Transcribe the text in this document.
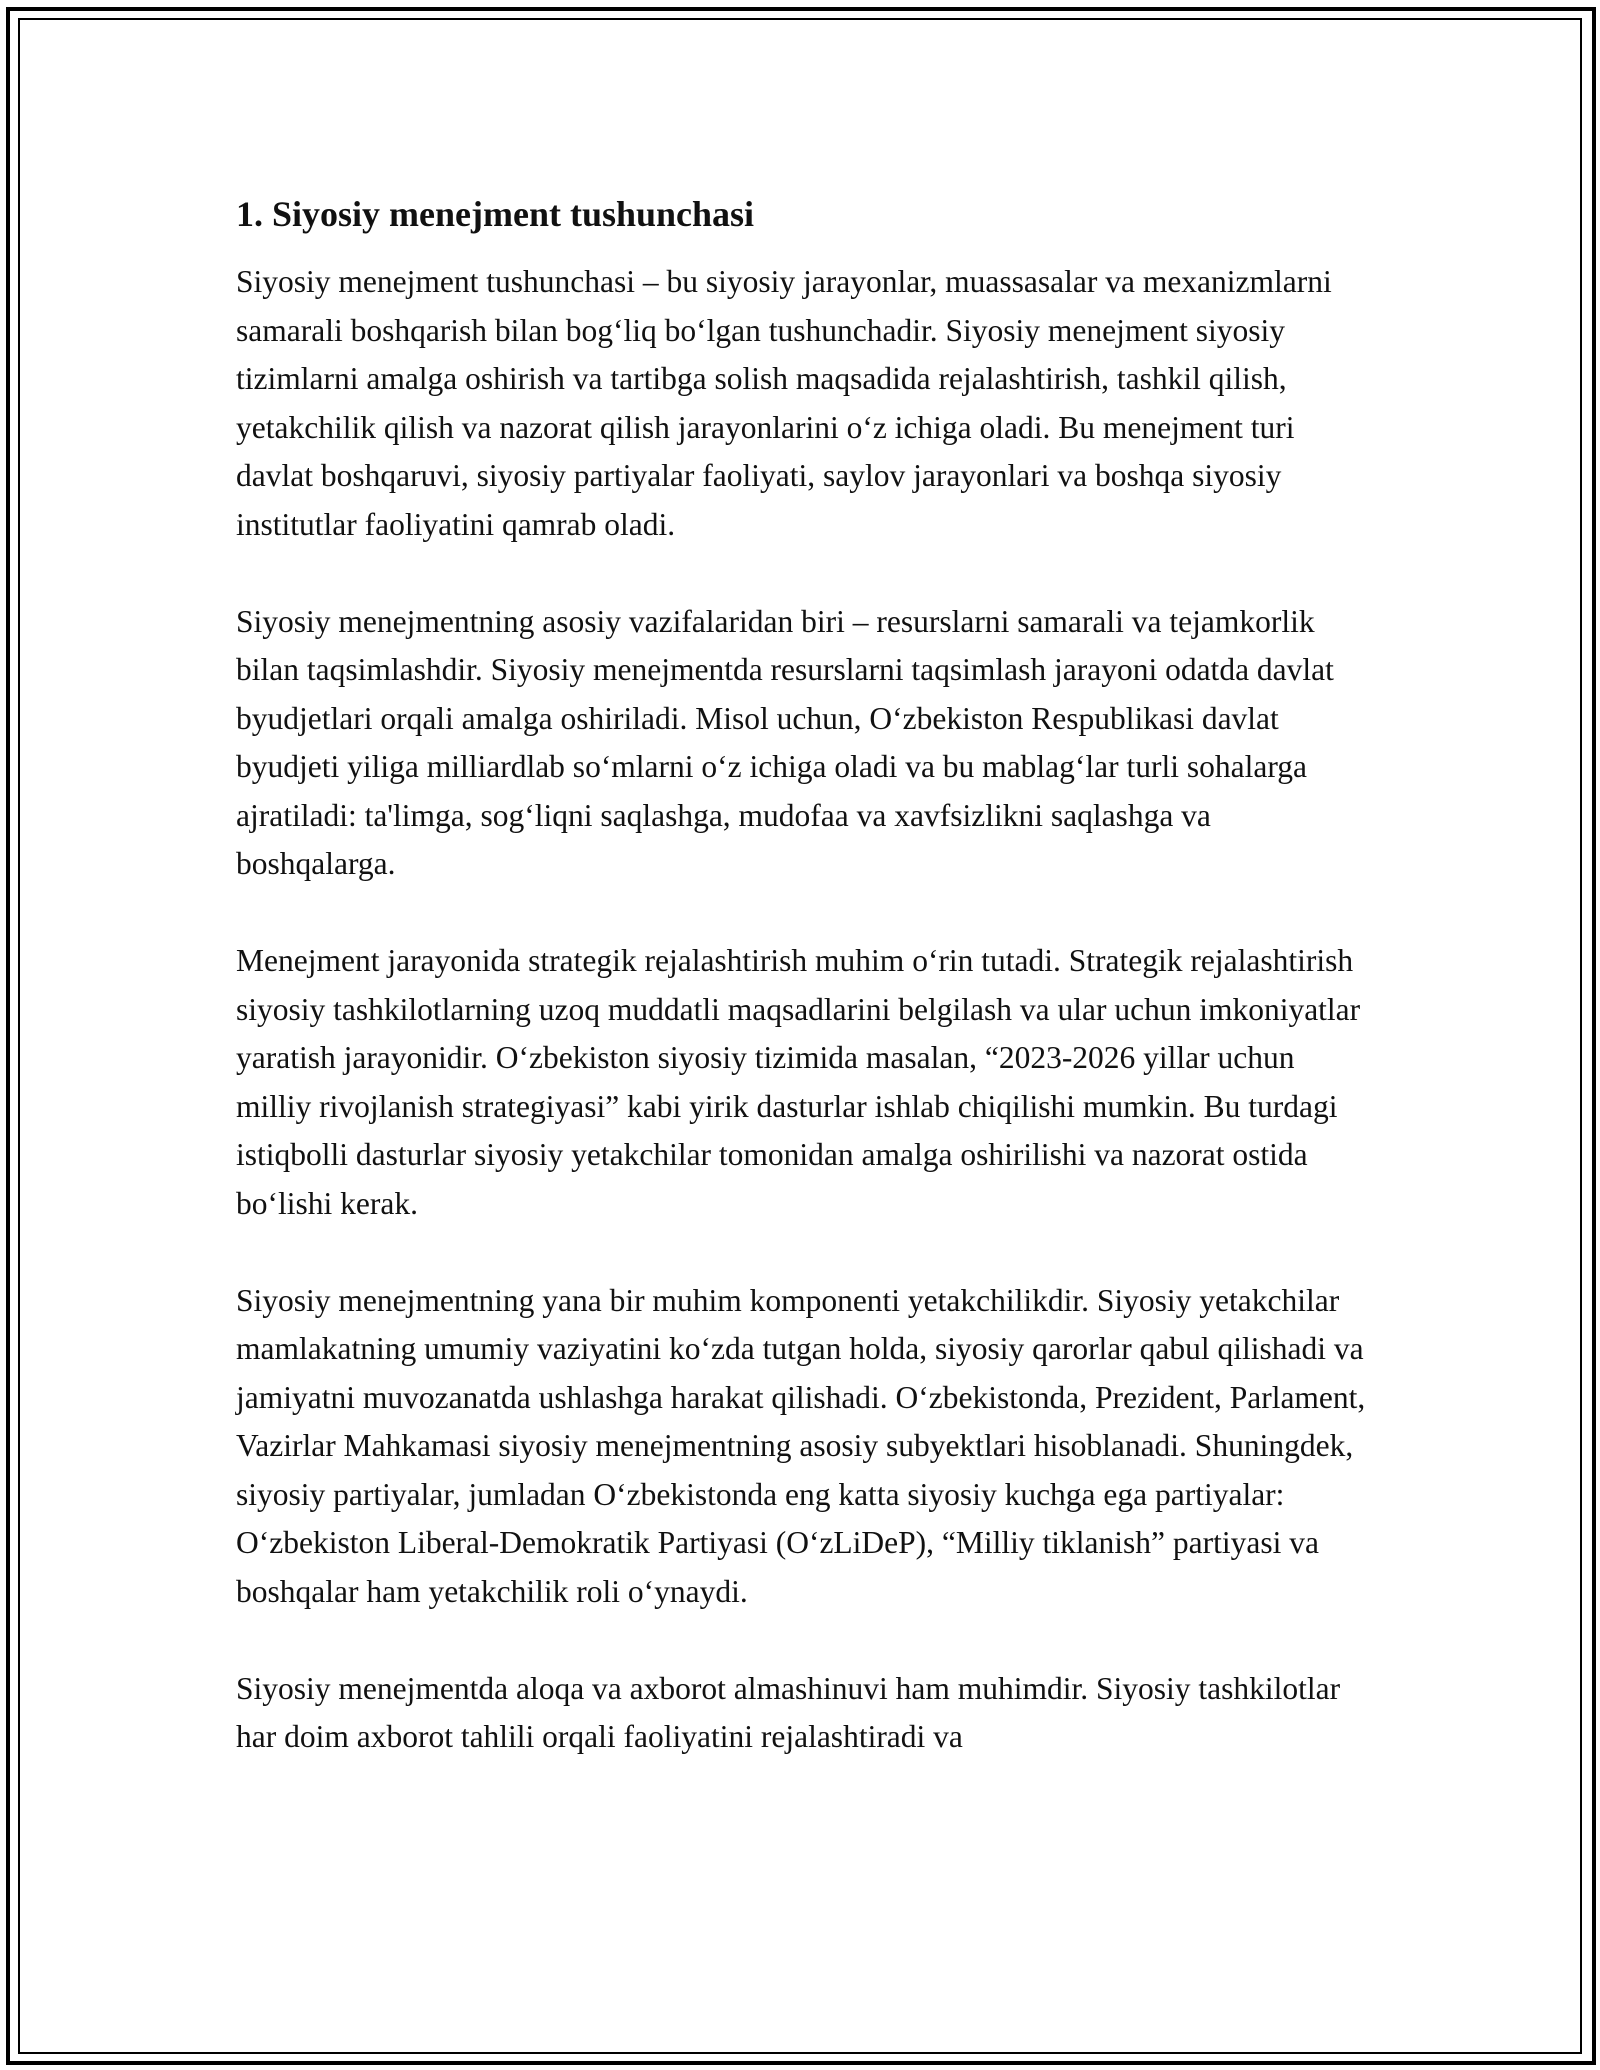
1. Siyosiy menejment tushunchasi

Siyosiy menejment tushunchasi – bu siyosiy jarayonlar, muassasalar va mexanizmlarni samarali boshqarish bilan bog‘liq bo‘lgan tushunchadir. Siyosiy menejment siyosiy tizimlarni amalga oshirish va tartibga solish maqsadida rejalashtirish, tashkil qilish, yetakchilik qilish va nazorat qilish jarayonlarini o‘z ichiga oladi. Bu menejment turi davlat boshqaruvi, siyosiy partiyalar faoliyati, saylov jarayonlari va boshqa siyosiy institutlar faoliyatini qamrab oladi.

Siyosiy menejmentning asosiy vazifalaridan biri – resurslarni samarali va tejamkorlik bilan taqsimlashdir. Siyosiy menejmentda resurslarni taqsimlash jarayoni odatda davlat byudjetlari orqali amalga oshiriladi. Misol uchun, O‘zbekiston Respublikasi davlat byudjeti yiliga milliardlab so‘mlarni o‘z ichiga oladi va bu mablag‘lar turli sohalarga ajratiladi: ta'limga, sog‘liqni saqlashga, mudofaa va xavfsizlikni saqlashga va boshqalarga.

Menejment jarayonida strategik rejalashtirish muhim o‘rin tutadi. Strategik rejalashtirish siyosiy tashkilotlarning uzoq muddatli maqsadlarini belgilash va ular uchun imkoniyatlar yaratish jarayonidir. O‘zbekiston siyosiy tizimida masalan, “2023-2026 yillar uchun milliy rivojlanish strategiyasi” kabi yirik dasturlar ishlab chiqilishi mumkin. Bu turdagi istiqbolli dasturlar siyosiy yetakchilar tomonidan amalga oshirilishi va nazorat ostida bo‘lishi kerak.

Siyosiy menejmentning yana bir muhim komponenti yetakchilikdir. Siyosiy yetakchilar mamlakatning umumiy vaziyatini ko‘zda tutgan holda, siyosiy qarorlar qabul qilishadi va jamiyatni muvozanatda ushlashga harakat qilishadi. O‘zbekistonda, Prezident, Parlament, Vazirlar Mahkamasi siyosiy menejmentning asosiy subyektlari hisoblanadi. Shuningdek, siyosiy partiyalar, jumladan O‘zbekistonda eng katta siyosiy kuchga ega partiyalar: O‘zbekiston Liberal-Demokratik Partiyasi (O‘zLiDeP), “Milliy tiklanish” partiyasi va boshqalar ham yetakchilik roli o‘ynaydi.

Siyosiy menejmentda aloqa va axborot almashinuvi ham muhimdir. Siyosiy tashkilotlar har doim axborot tahlili orqali faoliyatini rejalashtiradi va
